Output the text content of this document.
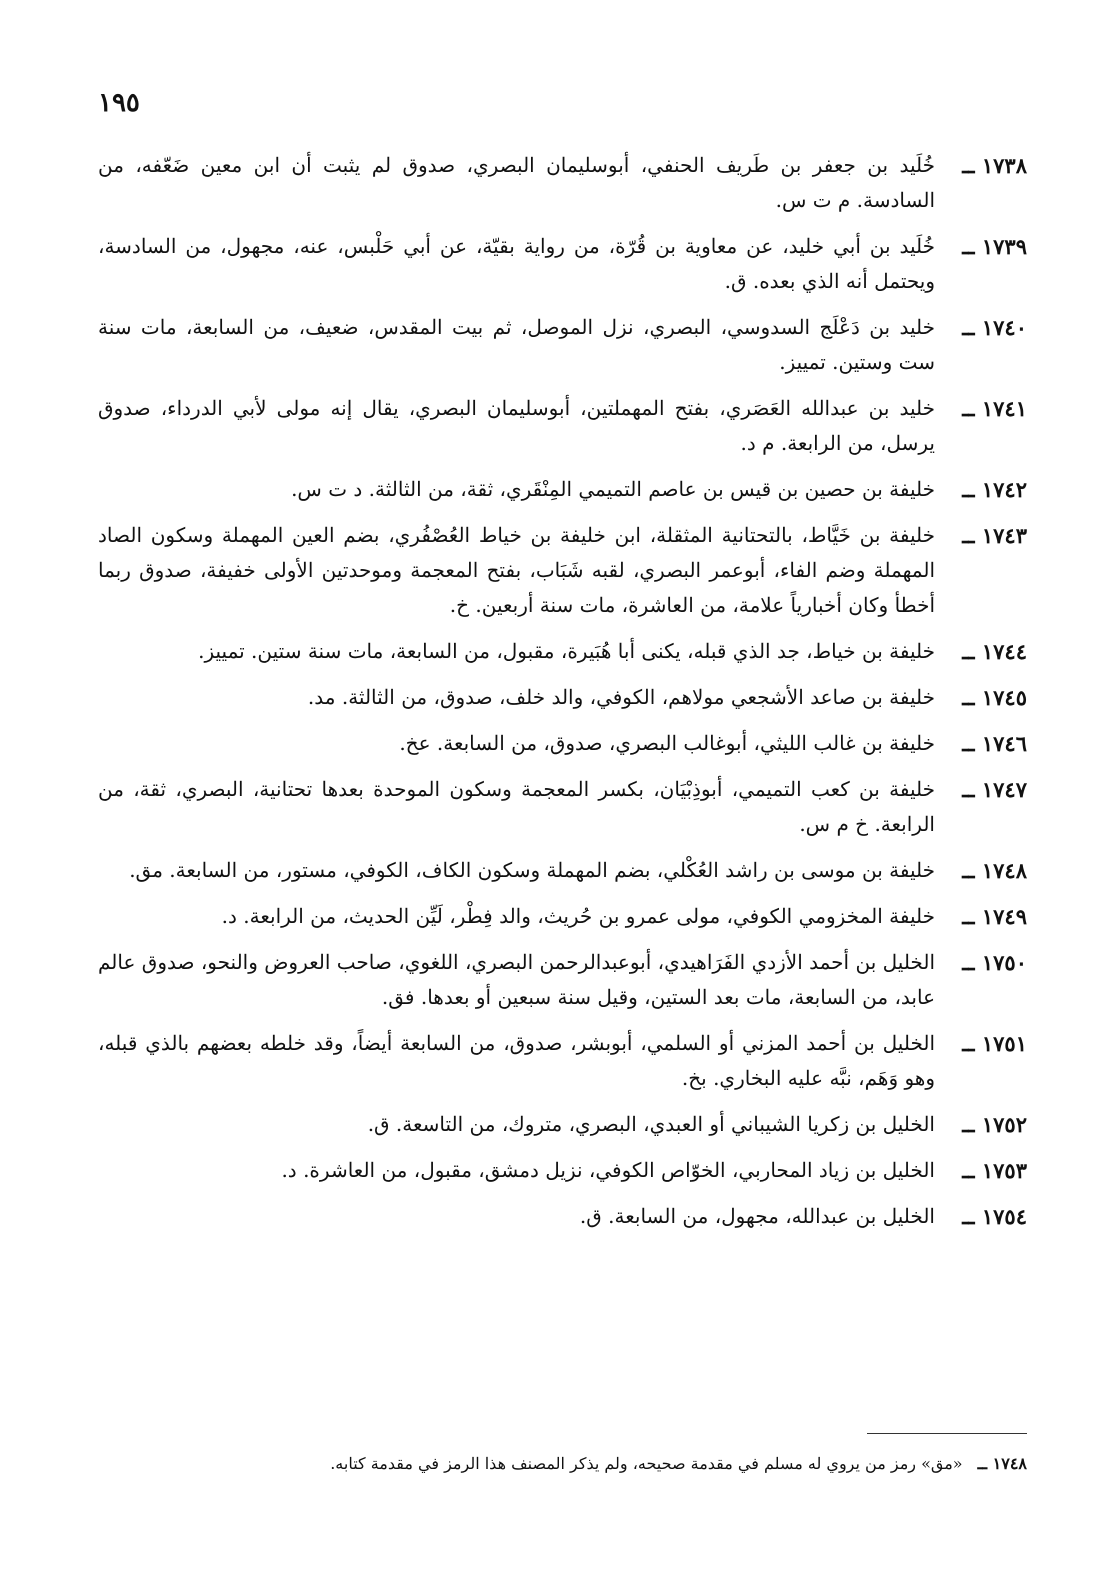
١٩٥
١٧٣٨ ــ
خُلَيد بن جعفر بن طَريف الحنفي، أبوسليمان البصري، صدوق لم يثبت أن ابن معين ضَعّفه، من السادسة. م ت س.
١٧٣٩ ــ
خُلَيد بن أبي خليد، عن معاوية بن قُرّة، من رواية بقيّة، عن أبي حَلْبس، عنه، مجهول، من السادسة، ويحتمل أنه الذي بعده. ق.
١٧٤٠ ــ
خليد بن دَعْلَج السدوسي، البصري، نزل الموصل، ثم بيت المقدس، ضعيف، من السابعة، مات سنة ست وستين. تمييز.
١٧٤١ ــ
خليد بن عبدالله العَصَري، بفتح المهملتين، أبوسليمان البصري، يقال إنه مولى لأبي الدرداء، صدوق يرسل، من الرابعة. م د.
١٧٤٢ ــ
خليفة بن حصين بن قيس بن عاصم التميمي المِنْقَري، ثقة، من الثالثة. د ت س.
١٧٤٣ ــ
خليفة بن خَيَّاط، بالتحتانية المثقلة، ابن خليفة بن خياط العُصْفُري، بضم العين المهملة وسكون الصاد المهملة وضم الفاء، أبوعمر البصري، لقبه شَبَاب، بفتح المعجمة وموحدتين الأولى خفيفة، صدوق ربما أخطأ وكان أخبارياً علامة، من العاشرة، مات سنة أربعين. خ.
١٧٤٤ ــ
خليفة بن خياط، جد الذي قبله، يكنى أبا هُبَيرة، مقبول، من السابعة، مات سنة ستين. تمييز.
١٧٤٥ ــ
خليفة بن صاعد الأشجعي مولاهم، الكوفي، والد خلف، صدوق، من الثالثة. مد.
١٧٤٦ ــ
خليفة بن غالب الليثي، أبوغالب البصري، صدوق، من السابعة. عخ.
١٧٤٧ ــ
خليفة بن كعب التميمي، أبوذِبْيَان، بكسر المعجمة وسكون الموحدة بعدها تحتانية، البصري، ثقة، من الرابعة. خ م س.
١٧٤٨ ــ
خليفة بن موسى بن راشد العُكْلي، بضم المهملة وسكون الكاف، الكوفي، مستور، من السابعة. مق.
١٧٤٩ ــ
خليفة المخزومي الكوفي، مولى عمرو بن حُريث، والد فِطْر، لَيِّن الحديث، من الرابعة. د.
١٧٥٠ ــ
الخليل بن أحمد الأزدي الفَرَاهيدي، أبوعبدالرحمن البصري، اللغوي، صاحب العروض والنحو، صدوق عالم عابد، من السابعة، مات بعد الستين، وقيل سنة سبعين أو بعدها. فق.
١٧٥١ ــ
الخليل بن أحمد المزني أو السلمي، أبوبشر، صدوق، من السابعة أيضاً، وقد خلطه بعضهم بالذي قبله، وهو وَهَم، نبَّه عليه البخاري. بخ.
١٧٥٢ ــ
الخليل بن زكريا الشيباني أو العبدي، البصري، متروك، من التاسعة. ق.
١٧٥٣ ــ
الخليل بن زياد المحاربي، الخوّاص الكوفي، نزيل دمشق، مقبول، من العاشرة. د.
١٧٥٤ ــ
الخليل بن عبدالله، مجهول، من السابعة. ق.
١٧٤٨ ــ «مق» رمز من يروي له مسلم في مقدمة صحيحه، ولم يذكر المصنف هذا الرمز في مقدمة كتابه.
